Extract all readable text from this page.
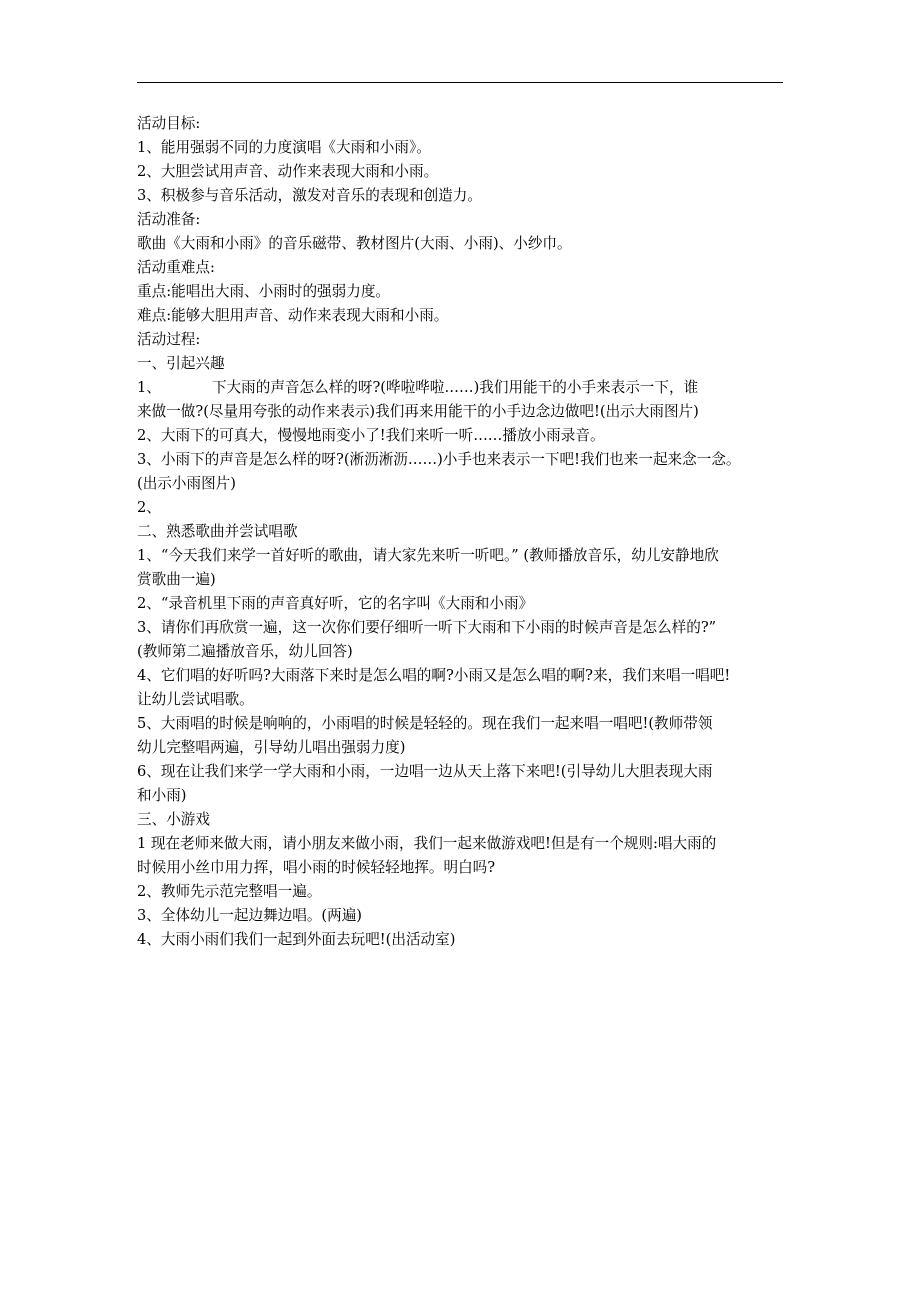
活动目标:
1、能用强弱不同的力度演唱《大雨和小雨》。
2、大胆尝试用声音、动作来表现大雨和小雨。
3、积极参与音乐活动，激发对音乐的表现和创造力。
活动准备:
歌曲《大雨和小雨》的音乐磁带、教材图片(大雨、小雨)、小纱巾。
活动重难点:
重点:能唱出大雨、小雨时的强弱力度。
难点:能够大胆用声音、动作来表现大雨和小雨。
活动过程:
一、引起兴趣
1、　　　　下大雨的声音怎么样的呀?(哗啦哗啦……)我们用能干的小手来表示一下，谁
来做一做?(尽量用夸张的动作来表示)我们再来用能干的小手边念边做吧!(出示大雨图片)
2、大雨下的可真大，慢慢地雨变小了!我们来听一听……播放小雨录音。
3、小雨下的声音是怎么样的呀?(淅沥淅沥……)小手也来表示一下吧!我们也来一起来念一念。
(出示小雨图片)
2、
二、熟悉歌曲并尝试唱歌
1、“今天我们来学一首好听的歌曲，请大家先来听一听吧。” (教师播放音乐，幼儿安静地欣
赏歌曲一遍)
2、“录音机里下雨的声音真好听，它的名字叫《大雨和小雨》
3、请你们再欣赏一遍，这一次你们要仔细听一听下大雨和下小雨的时候声音是怎么样的?”
(教师第二遍播放音乐，幼儿回答)
4、它们唱的好听吗?大雨落下来时是怎么唱的啊?小雨又是怎么唱的啊?来，我们来唱一唱吧!
让幼儿尝试唱歌。
5、大雨唱的时候是响响的，小雨唱的时候是轻轻的。现在我们一起来唱一唱吧!(教师带领
幼儿完整唱两遍，引导幼儿唱出强弱力度)
6、现在让我们来学一学大雨和小雨，一边唱一边从天上落下来吧!(引导幼儿大胆表现大雨
和小雨)
三、小游戏
1 现在老师来做大雨，请小朋友来做小雨，我们一起来做游戏吧!但是有一个规则:唱大雨的
时候用小丝巾用力挥，唱小雨的时候轻轻地挥。明白吗?
2、教师先示范完整唱一遍。
3、全体幼儿一起边舞边唱。(两遍)
4、大雨小雨们我们一起到外面去玩吧!(出活动室)
